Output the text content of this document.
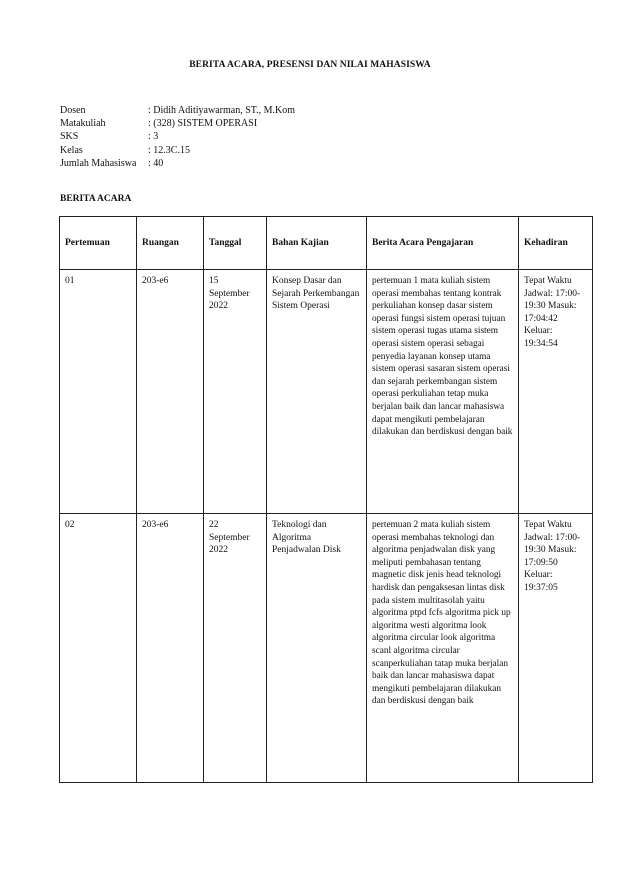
BERITA ACARA, PRESENSI DAN NILAI MAHASISWA
Dosen	: Didih Aditiyawarman, ST., M.Kom
Matakuliah	: (328) SISTEM OPERASI
SKS	: 3
Kelas	: 12.3C.15
Jumlah Mahasiswa	: 40
BERITA ACARA
Pertemuan	Ruangan	Tanggal	Bahan Kajian	Berita Acara Pengajaran	Kehadiran
01	203-e6	15 September 2022	Konsep Dasar dan Sejarah Perkembangan Sistem Operasi	pertemuan 1 mata kuliah sistem operasi membahas tentang kontrak perkuliahan konsep dasar sistem operasi fungsi sistem operasi tujuan sistem operasi tugas utama sistem operasi sistem operasi sebagai penyedia layanan konsep utama sistem operasi sasaran sistem operasi dan sejarah perkembangan sistem operasi perkuliahan tetap muka berjalan baik dan lancar mahasiswa dapat mengikuti pembelajaran dilakukan dan berdiskusi dengan baik	Tepat Waktu Jadwal: 17:00-19:30 Masuk: 17:04:42 Keluar: 19:34:54
02	203-e6	22 September 2022	Teknologi dan Algoritma Penjadwalan Disk	pertemuan 2 mata kuliah sistem operasi membahas teknologi dan algoritma penjadwalan disk yang meliputi pembahasan tentang magnetic disk jenis head teknologi hardisk dan pengaksesan lintas disk pada sistem multitasolah yaitu algoritma ptpd fcfs algoritma pick up algoritma westi algoritma look algoritma circular look algoritma scanl algoritma circular scanperkuliahan tatap muka berjalan baik dan lancar mahasiswa dapat mengikuti pembelajaran dilakukan dan berdiskusi dengan baik	Tepat Waktu Jadwal: 17:00-19:30 Masuk: 17:09:50 Keluar: 19:37:05
